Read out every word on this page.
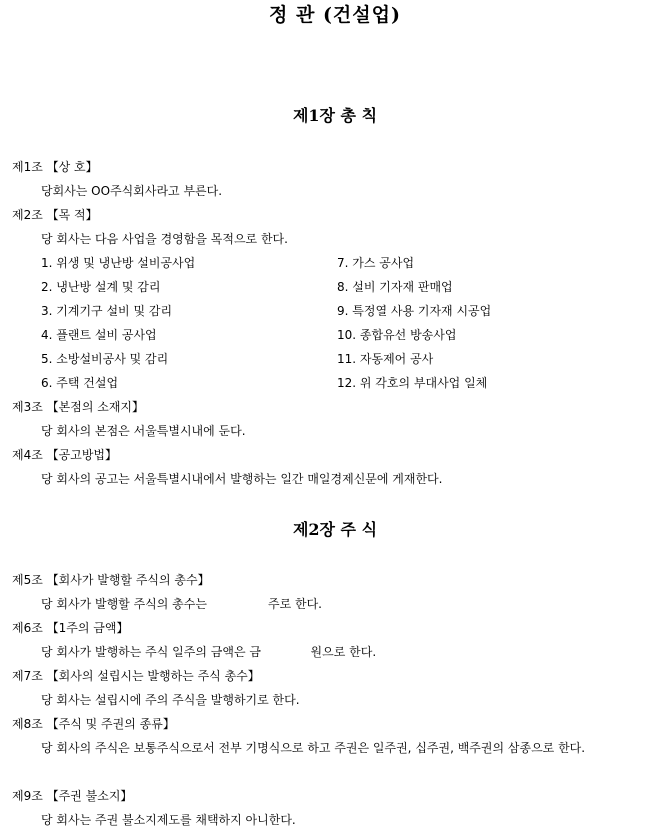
정 관 (건설업)
제1장 총 칙
제1조 【상 호】
당회사는 OO주식회사라고 부른다.
제2조 【목 적】
당 회사는 다음 사업을 경영함을 목적으로 한다.
1. 위생 및 냉난방 설비공사업	7. 가스 공사업
2. 냉난방 설계 및 감리	8. 설비 기자재 판매업
3. 기계기구 설비 및 감리	9. 특정열 사용 기자재 시공업
4. 플랜트 설비 공사업	10. 종합유선 방송사업
5. 소방설비공사 및 감리	11. 자동제어 공사
6. 주택 건설업	12. 위 각호의 부대사업 일체
제3조 【본점의 소재지】
당 회사의 본점은 서울특별시내에 둔다.
제4조 【공고방법】
당 회사의 공고는 서울특별시내에서 발행하는 일간 매일경제신문에 게재한다.
제2장 주 식
제5조 【회사가 발행할 주식의 총수】
당 회사가 발행할 주식의 총수는                주로 한다.
제6조 【1주의 금액】
당 회사가 발행하는 주식 일주의 금액은 금             원으로 한다.
제7조 【회사의 설립시는 발행하는 주식 총수】
당 회사는 설립시에 주의 주식을 발행하기로 한다.
제8조 【주식 및 주권의 종류】
당 회사의 주식은 보통주식으로서 전부 기명식으로 하고 주권은 일주권, 십주권, 백주권의 삼종으로 한다.
제9조 【주권 불소지】
당 회사는 주권 불소지제도를 채택하지 아니한다.
